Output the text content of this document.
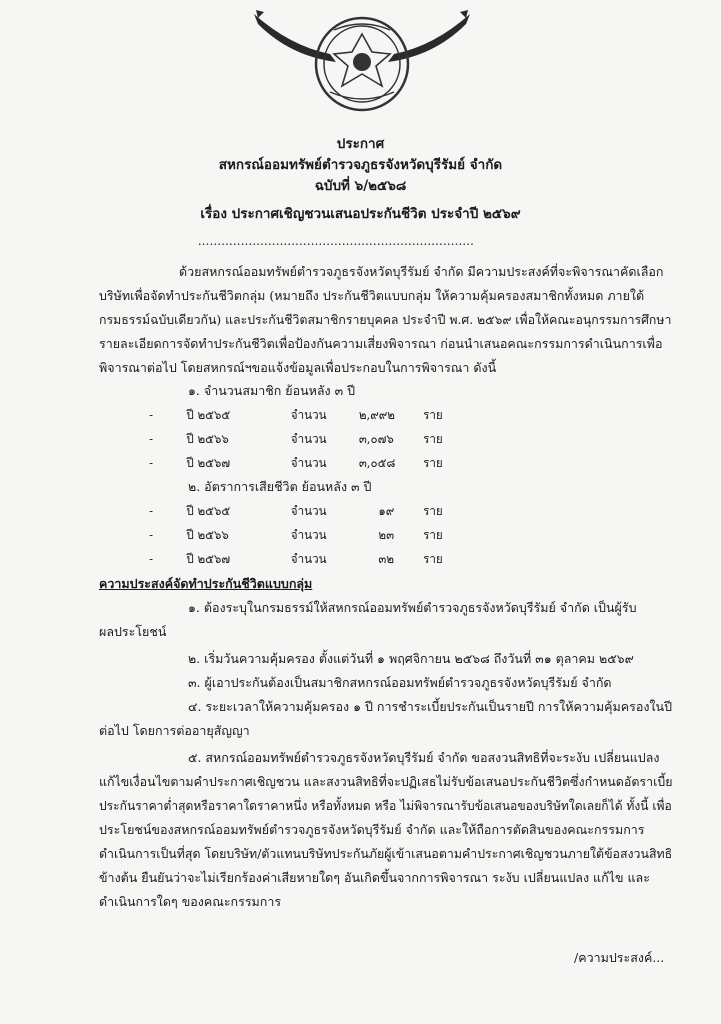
ประกาศ
สหกรณ์ออมทรัพย์ตำรวจภูธรจังหวัดบุรีรัมย์ จำกัด
ฉบับที่ ๖/๒๕๖๘
เรื่อง ประกาศเชิญชวนเสนอประกันชีวิต ประจำปี ๒๕๖๙
.......................................................................
ด้วยสหกรณ์ออมทรัพย์ตำรวจภูธรจังหวัดบุรีรัมย์ จำกัด มีความประสงค์ที่จะพิจารณาคัดเลือก
บริษัทเพื่อจัดทำประกันชีวิตกลุ่ม (หมายถึง ประกันชีวิตแบบกลุ่ม ให้ความคุ้มครองสมาชิกทั้งหมด ภายใต้
กรมธรรม์ฉบับเดียวกัน) และประกันชีวิตสมาชิกรายบุคคล ประจำปี พ.ศ. ๒๕๖๙ เพื่อให้คณะอนุกรรมการศึกษา
รายละเอียดการจัดทำประกันชีวิตเพื่อป้องกันความเสี่ยงพิจารณา ก่อนนำเสนอคณะกรรมการดำเนินการเพื่อ
พิจารณาต่อไป โดยสหกรณ์ฯขอแจ้งข้อมูลเพื่อประกอบในการพิจารณา ดังนี้
๑. จำนวนสมาชิก ย้อนหลัง ๓ ปี
-	ปี ๒๕๖๕	จำนวน	๒,๙๙๒ ราย
-	ปี ๒๕๖๖	จำนวน	๓,๐๗๖ ราย
-	ปี ๒๕๖๗	จำนวน	๓,๐๕๘ ราย
๒. อัตราการเสียชีวิต ย้อนหลัง ๓ ปี
-	ปี ๒๕๖๕	จำนวน	๑๙ ราย
-	ปี ๒๕๖๖	จำนวน	๒๓ ราย
-	ปี ๒๕๖๗	จำนวน	๓๒ ราย
ความประสงค์จัดทำประกันชีวิตแบบกลุ่ม
๑. ต้องระบุในกรมธรรม์ให้สหกรณ์ออมทรัพย์ตำรวจภูธรจังหวัดบุรีรัมย์ จำกัด เป็นผู้รับ
ผลประโยชน์
๒. เริ่มวันความคุ้มครอง ตั้งแต่วันที่ ๑ พฤศจิกายน ๒๕๖๘ ถึงวันที่ ๓๑ ตุลาคม ๒๕๖๙
๓. ผู้เอาประกันต้องเป็นสมาชิกสหกรณ์ออมทรัพย์ตำรวจภูธรจังหวัดบุรีรัมย์ จำกัด
๔. ระยะเวลาให้ความคุ้มครอง ๑ ปี การชำระเบี้ยประกันเป็นรายปี การให้ความคุ้มครองในปี
ต่อไป โดยการต่ออายุสัญญา
๕. สหกรณ์ออมทรัพย์ตำรวจภูธรจังหวัดบุรีรัมย์ จำกัด ขอสงวนสิทธิที่จะระงับ เปลี่ยนแปลง
แก้ไขเงื่อนไขตามคำประกาศเชิญชวน และสงวนสิทธิที่จะปฏิเสธไม่รับข้อเสนอประกันชีวิตซึ่งกำหนดอัตราเบี้ย
ประกันราคาต่ำสุดหรือราคาใดราคาหนึ่ง หรือทั้งหมด หรือ ไม่พิจารณารับข้อเสนอของบริษัทใดเลยก็ได้ ทั้งนี้ เพื่อ
ประโยชน์ของสหกรณ์ออมทรัพย์ตำรวจภูธรจังหวัดบุรีรัมย์ จำกัด และให้ถือการตัดสินของคณะกรรมการ
ดำเนินการเป็นที่สุด โดยบริษัท/ตัวแทนบริษัทประกันภัยผู้เข้าเสนอตามคำประกาศเชิญชวนภายใต้ข้อสงวนสิทธิ
ข้างต้น ยืนยันว่าจะไม่เรียกร้องค่าเสียหายใดๆ อันเกิดขึ้นจากการพิจารณา ระงับ เปลี่ยนแปลง แก้ไข และ
ดำเนินการใดๆ ของคณะกรรมการ
/ความประสงค์...
